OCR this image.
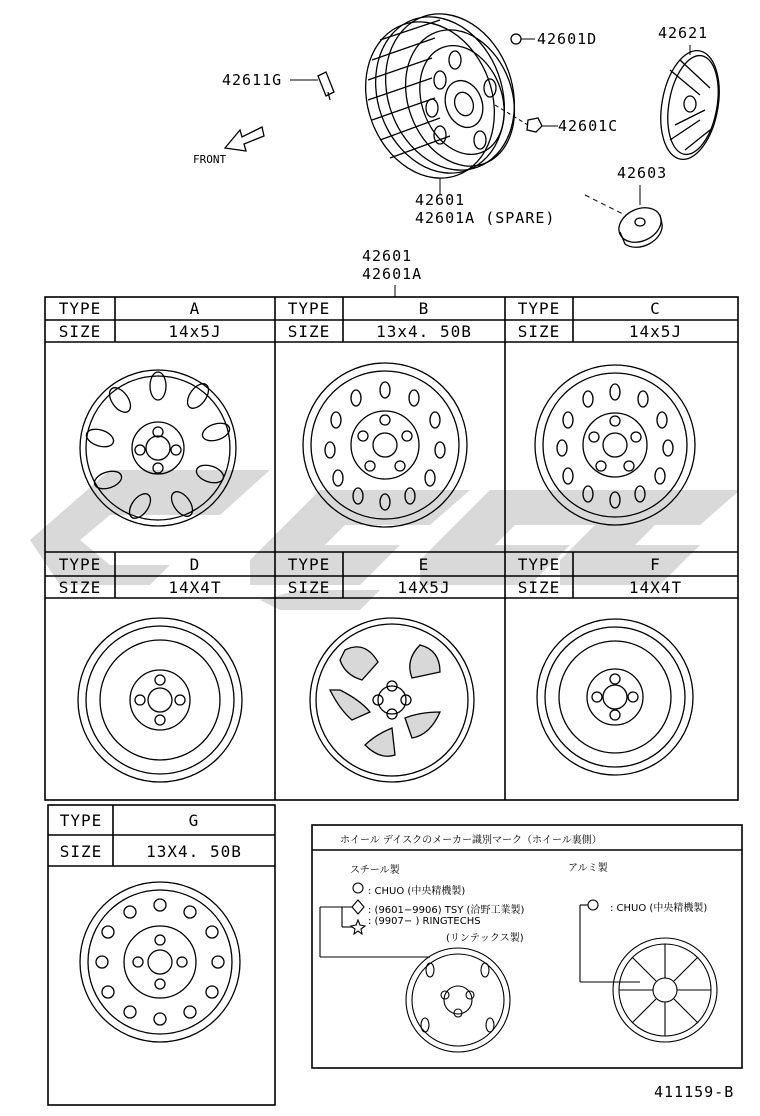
42611G
42601D	42621
42601C
42601
42601A (SPARE)
42603
FRONT
42601
42601A
TYPE	A
SIZE	14x5J
TYPE	B
SIZE	13x4. 50B
TYPE	C
SIZE	14x5J
TYPE	D
SIZE	14X4T
TYPE	E
SIZE	14X5J
TYPE	F
SIZE	14X4T
TYPE	G
SIZE	13X4. 50B
ホイール デイスクのメーカー識別マーク（ホイール裏側）
スチール製	アルミ製
: CHUO (中央精機製)
: (9601−9906) TSY (洽野工業製)
: (9907− ) RINGTECHS
(リンテックス製)
: CHUO (中央精機製)
411159-B
